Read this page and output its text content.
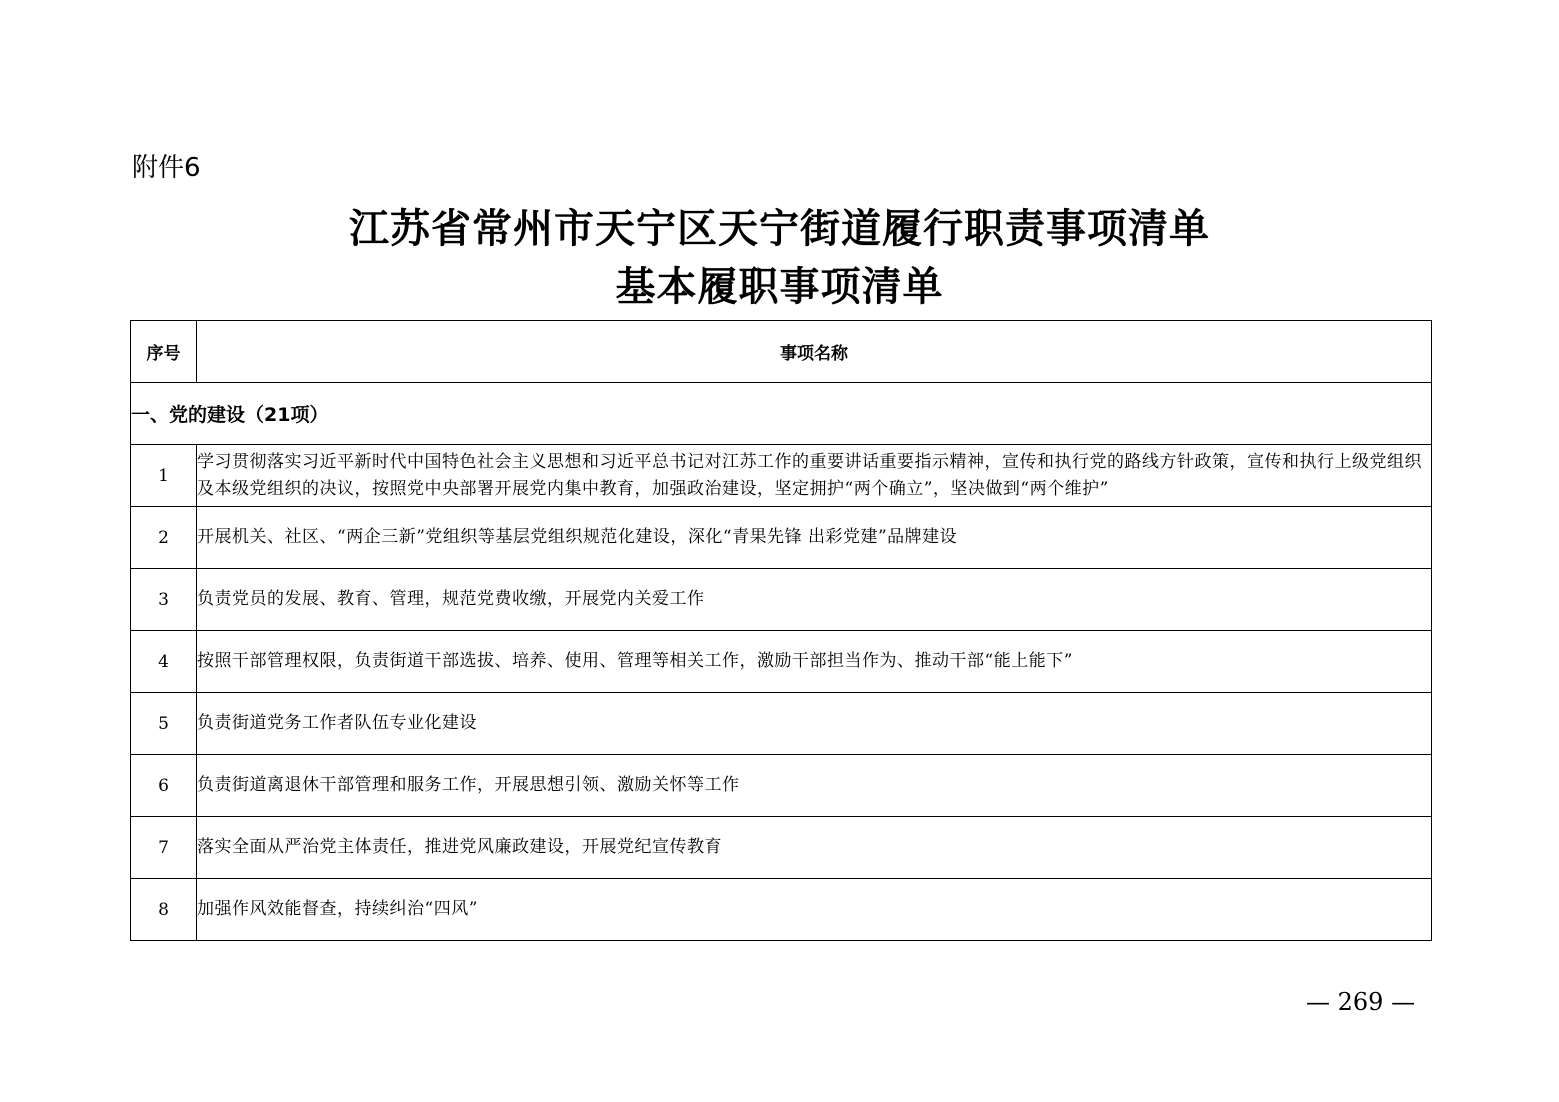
附件6
江苏省常州市天宁区天宁街道履行职责事项清单
基本履职事项清单
序号	事项名称
一、党的建设（21项）	
1	学习贯彻落实习近平新时代中国特色社会主义思想和习近平总书记对江苏工作的重要讲话重要指示精神，宣传和执行党的路线方针政策，宣传和执行上级党组织及本级党组织的决议，按照党中央部署开展党内集中教育，加强政治建设，坚定拥护“两个确立”，坚决做到“两个维护”
2	开展机关、社区、“两企三新”党组织等基层党组织规范化建设，深化“青果先锋 出彩党建”品牌建设
3	负责党员的发展、教育、管理，规范党费收缴，开展党内关爱工作
4	按照干部管理权限，负责街道干部选拔、培养、使用、管理等相关工作，激励干部担当作为、推动干部“能上能下”
5	负责街道党务工作者队伍专业化建设
6	负责街道离退休干部管理和服务工作，开展思想引领、激励关怀等工作
7	落实全面从严治党主体责任，推进党风廉政建设，开展党纪宣传教育
8	加强作风效能督查，持续纠治“四风”
— 269 —
